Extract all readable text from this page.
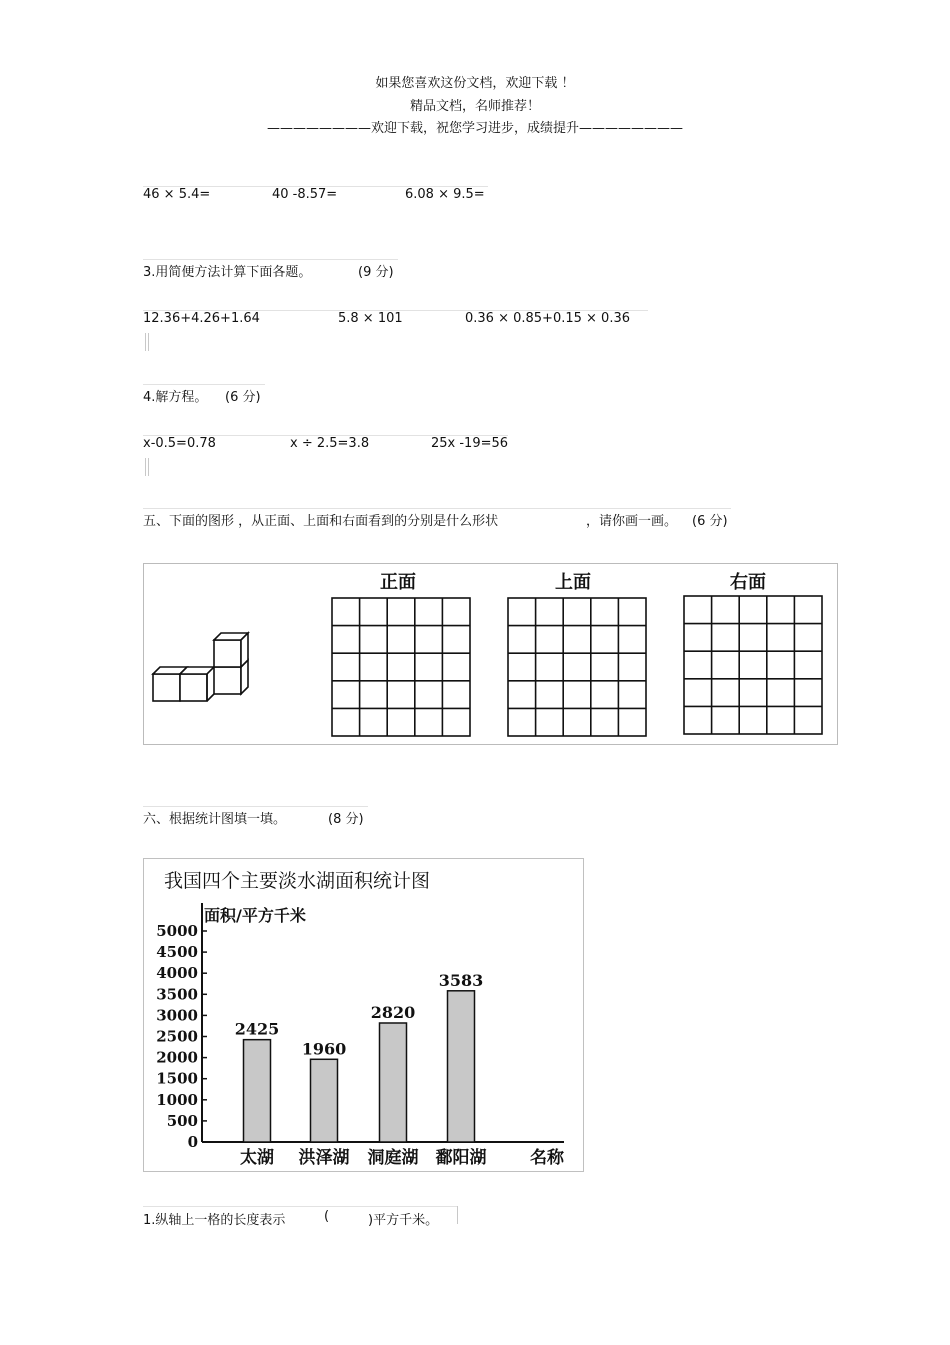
如果您喜欢这份文档，欢迎下载 ！
精品文档，名师推荐！
————————欢迎下载，祝您学习进步，成绩提升————————
46 × 5.4=	40 -8.57=	6.08 × 9.5=
3.用简便方法计算下面各题。	(9 分)
12.36+4.26+1.64	5.8 × 101	0.36 × 0.85+0.15 × 0.36
4.解方程。 (6 分)
x-0.5=0.78	x ÷ 2.5=3.8	25x -19=56
五、下面的图形 ，从正面、上面和右面看到的分别是什么形状	，请你画一画。 (6 分)
正面	上面	右面
六、根据统计图填一填。	(8 分)
我国四个主要淡水湖面积统计图
面积/平方千米
名称
0
500
1000
1500
2000
2500
3000
3500
4000
4500
5000
2425
太湖
1960
洪泽湖
2820
洞庭湖
3583
鄱阳湖
1.纵轴上一格的长度表示	(	)平方千米。
